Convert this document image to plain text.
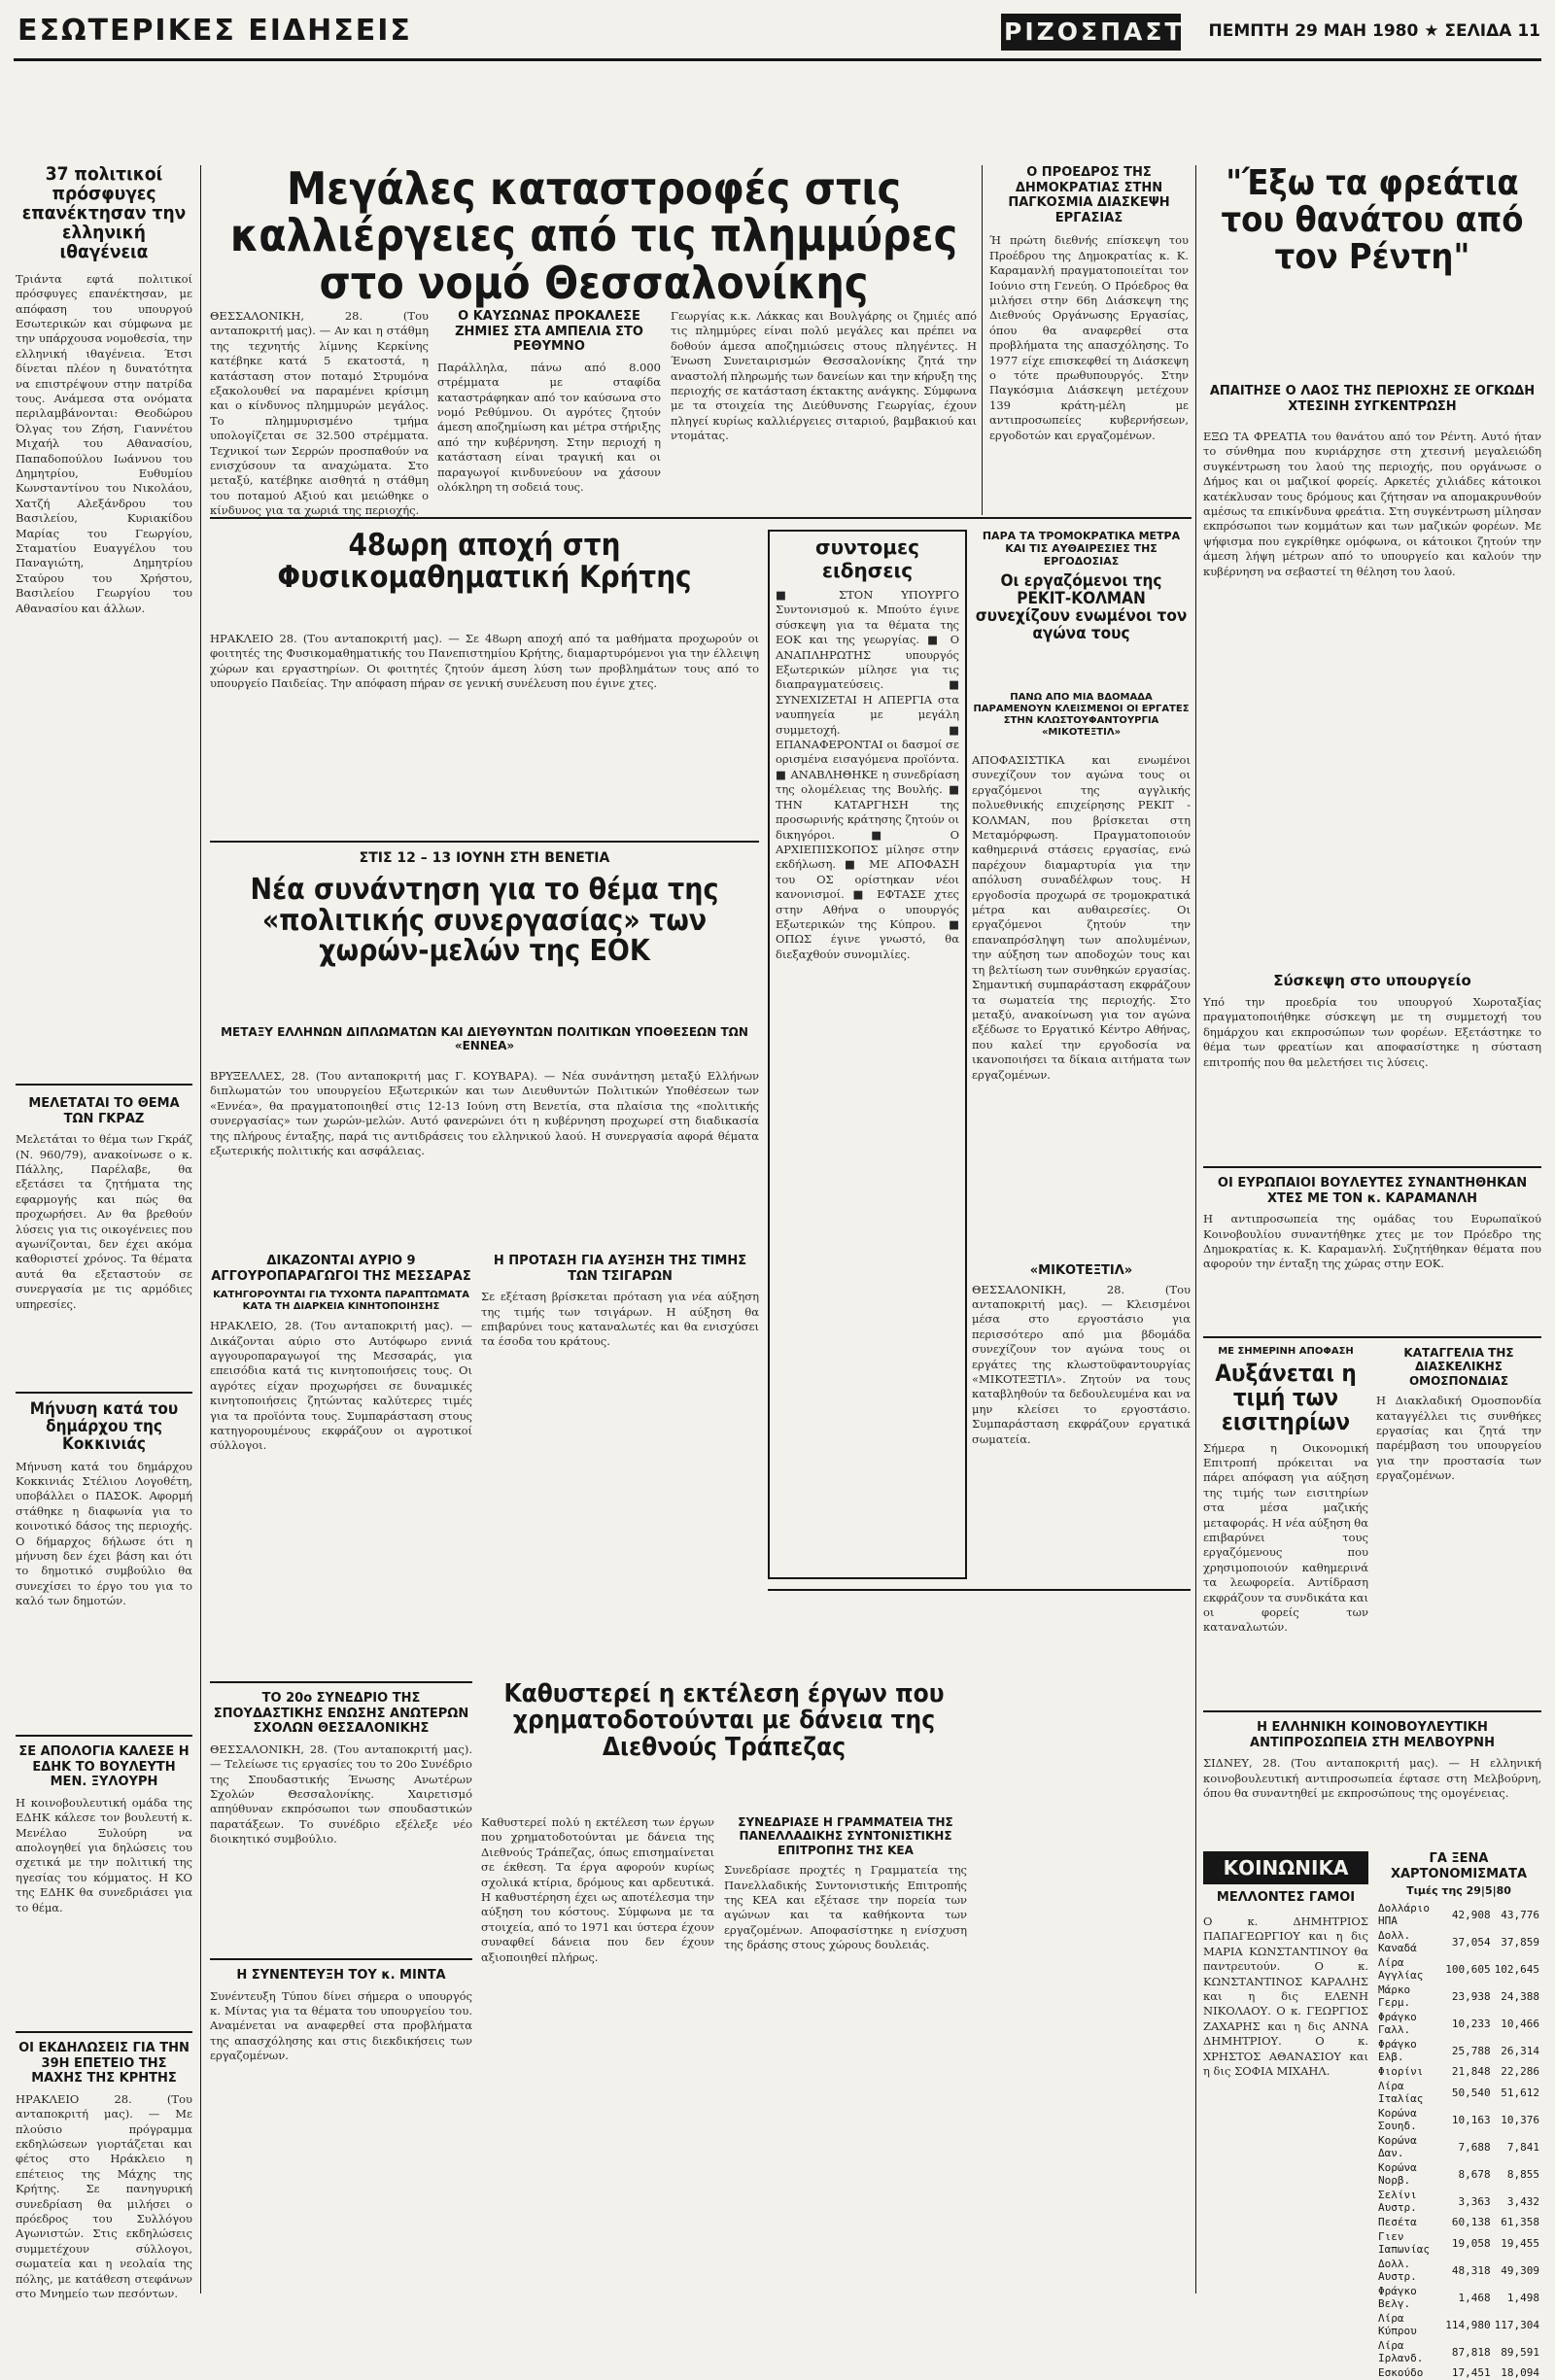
ΕΣΩΤΕΡΙΚΕΣ ΕΙΔΗΣΕΙΣ	ΡΙΖΟΣΠΑΣΤΗΣ
ΠΕΜΠΤΗ 29 ΜΑΗ 1980 ★ ΣΕΛΙΔΑ 11
37 πολιτικοί πρόσφυγες επανέκτησαν την ελληνική ιθαγένεια
Τριάντα εφτά πολιτικοί πρόσφυγες επανέκτησαν, με απόφαση του υπουργού Εσωτερικών και σύμφωνα με την υπάρχουσα νομοθεσία, την ελληνική ιθαγένεια. Έτσι δίνεται πλέον η δυνατότητα να επιστρέψουν στην πατρίδα τους. Ανάμεσα στα ονόματα περιλαμβάνονται: Θεοδώρου Όλγας του Ζήση, Γιαννέτου Μιχαήλ του Αθανασίου, Παπαδοπούλου Ιωάννου του Δημητρίου, Ευθυμίου Κωνσταντίνου του Νικολάου, Χατζή Αλεξάνδρου του Βασιλείου, Κυριακίδου Μαρίας του Γεωργίου, Σταματίου Ευαγγέλου του Παναγιώτη, Δημητρίου Σταύρου του Χρήστου, Βασιλείου Γεωργίου του Αθανασίου και άλλων.
ΜΕΛΕΤΑΤΑΙ ΤΟ ΘΕΜΑ ΤΩΝ ΓΚΡΑΖ
Μελετάται το θέμα των Γκράζ (Ν. 960/79), ανακοίνωσε ο κ. Πάλλης, Παρέλαβε, θα εξετάσει τα ζητήματα της εφαρμογής και πώς θα προχωρήσει. Αν θα βρεθούν λύσεις για τις οικογένειες που αγωνίζονται, δεν έχει ακόμα καθοριστεί χρόνος. Τα θέματα αυτά θα εξεταστούν σε συνεργασία με τις αρμόδιες υπηρεσίες.
Μήνυση κατά του δημάρχου της Κοκκινιάς
Μήνυση κατά του δημάρχου Κοκκινιάς Στέλιου Λογοθέτη, υποβάλλει ο ΠΑΣΟΚ. Αφορμή στάθηκε η διαφωνία για το κοινοτικό δάσος της περιοχής. Ο δήμαρχος δήλωσε ότι η μήνυση δεν έχει βάση και ότι το δημοτικό συμβούλιο θα συνεχίσει το έργο του για το καλό των δημοτών.
ΣΕ ΑΠΟΛΟΓΙΑ ΚΑΛΕΣΕ Η ΕΔΗΚ ΤΟ ΒΟΥΛΕΥΤΗ ΜΕΝ. ΞΥΛΟΥΡΗ
Η κοινοβουλευτική ομάδα της ΕΔΗΚ κάλεσε τον βουλευτή κ. Μενέλαο Ξυλούρη να απολογηθεί για δηλώσεις του σχετικά με την πολιτική της ηγεσίας του κόμματος. Η ΚΟ της ΕΔΗΚ θα συνεδριάσει για το θέμα.
ΟΙ ΕΚΔΗΛΩΣΕΙΣ ΓΙΑ ΤΗΝ 39Η ΕΠΕΤΕΙΟ ΤΗΣ ΜΑΧΗΣ ΤΗΣ ΚΡΗΤΗΣ
ΗΡΑΚΛΕΙΟ 28. (Του ανταποκριτή μας). — Με πλούσιο πρόγραμμα εκδηλώσεων γιορτάζεται και φέτος στο Ηράκλειο η επέτειος της Μάχης της Κρήτης. Σε πανηγυρική συνεδρίαση θα μιλήσει ο πρόεδρος του Συλλόγου Αγωνιστών. Στις εκδηλώσεις συμμετέχουν σύλλογοι, σωματεία και η νεολαία της πόλης, με κατάθεση στεφάνων στο Μνημείο των πεσόντων.
Μεγάλες καταστροφές στις καλλιέργειες από τις πλημμύρες στο νομό Θεσσαλονίκης
ΘΕΣΣΑΛΟΝΙΚΗ, 28. (Του ανταποκριτή μας). — Αν και η στάθμη της τεχνητής λίμνης Κερκίνης κατέβηκε κατά 5 εκατοστά, η κατάσταση στον ποταμό Στρυμόνα εξακολουθεί να παραμένει κρίσιμη και ο κίνδυνος πλημμυρών μεγάλος. Το πλημμυρισμένο τμήμα υπολογίζεται σε 32.500 στρέμματα. Τεχνικοί των Σερρών προσπαθούν να ενισχύσουν τα αναχώματα. Στο μεταξύ, κατέβηκε αισθητά η στάθμη του ποταμού Αξιού και μειώθηκε ο κίνδυνος για τα χωριά της περιοχής.
Ο ΚΑΥΣΩΝΑΣ ΠΡΟΚΑΛΕΣΕ ΖΗΜΙΕΣ ΣΤΑ ΑΜΠΕΛΙΑ ΣΤΟ ΡΕΘΥΜΝΟ
Παράλληλα, πάνω από 8.000 στρέμματα με σταφίδα καταστράφηκαν από τον καύσωνα στο νομό Ρεθύμνου. Οι αγρότες ζητούν άμεση αποζημίωση και μέτρα στήριξης από την κυβέρνηση. Στην περιοχή η κατάσταση είναι τραγική και οι παραγωγοί κινδυνεύουν να χάσουν ολόκληρη τη σοδειά τους.
Γεωργίας κ.κ. Λάκκας και Βουλγάρης οι ζημιές από τις πλημμύρες είναι πολύ μεγάλες και πρέπει να δοθούν άμεσα αποζημιώσεις στους πληγέντες. Η Ένωση Συνεταιρισμών Θεσσαλονίκης ζητά την αναστολή πληρωμής των δανείων και την κήρυξη της περιοχής σε κατάσταση έκτακτης ανάγκης. Σύμφωνα με τα στοιχεία της Διεύθυνσης Γεωργίας, έχουν πληγεί κυρίως καλλιέργειες σιταριού, βαμβακιού και ντομάτας.
Ο ΠΡΟΕΔΡΟΣ ΤΗΣ ΔΗΜΟΚΡΑΤΙΑΣ ΣΤΗΝ ΠΑΓΚΟΣΜΙΑ ΔΙΑΣΚΕΨΗ ΕΡΓΑΣΙΑΣ
Ή πρώτη διεθνής επίσκεψη του Προέδρου της Δημοκρατίας κ. Κ. Καραμανλή πραγματοποιείται τον Ιούνιο στη Γενεύη. Ο Πρόεδρος θα μιλήσει στην 66η Διάσκεψη της Διεθνούς Οργάνωσης Εργασίας, όπου θα αναφερθεί στα προβλήματα της απασχόλησης. Το 1977 είχε επισκεφθεί τη Διάσκεψη ο τότε πρωθυπουργός. Στην Παγκόσμια Διάσκεψη μετέχουν 139 κράτη-μέλη με αντιπροσωπείες κυβερνήσεων, εργοδοτών και εργαζομένων.
"Έξω τα φρεάτια του θανάτου από τον Ρέντη"
ΑΠΑΙΤΗΣΕ Ο ΛΑΟΣ ΤΗΣ ΠΕΡΙΟΧΗΣ ΣΕ ΟΓΚΩΔΗ ΧΤΕΣΙΝΗ ΣΥΓΚΕΝΤΡΩΣΗ
ΕΞΩ ΤΑ ΦΡΕΑΤΙΑ του θανάτου από τον Ρέντη. Αυτό ήταν το σύνθημα που κυριάρχησε στη χτεσινή μεγαλειώδη συγκέντρωση του λαού της περιοχής, που οργάνωσε ο Δήμος και οι μαζικοί φορείς. Αρκετές χιλιάδες κάτοικοι κατέκλυσαν τους δρόμους και ζήτησαν να απομακρυνθούν αμέσως τα επικίνδυνα φρεάτια. Στη συγκέντρωση μίλησαν εκπρόσωποι των κομμάτων και των μαζικών φορέων. Με ψήφισμα που εγκρίθηκε ομόφωνα, οι κάτοικοι ζητούν την άμεση λήψη μέτρων από το υπουργείο και καλούν την κυβέρνηση να σεβαστεί τη θέληση του λαού.
Σύσκεψη στο υπουργείο
Υπό την προεδρία του υπουργού Χωροταξίας πραγματοποιήθηκε σύσκεψη με τη συμμετοχή του δημάρχου και εκπροσώπων των φορέων. Εξετάστηκε το θέμα των φρεατίων και αποφασίστηκε η σύσταση επιτροπής που θα μελετήσει τις λύσεις.
48ωρη αποχή στη Φυσικομαθηματική Κρήτης
ΗΡΑΚΛΕΙΟ 28. (Του ανταποκριτή μας). — Σε 48ωρη αποχή από τα μαθήματα προχωρούν οι φοιτητές της Φυσικομαθηματικής του Πανεπιστημίου Κρήτης, διαμαρτυρόμενοι για την έλλειψη χώρων και εργαστηρίων. Οι φοιτητές ζητούν άμεση λύση των προβλημάτων τους από το υπουργείο Παιδείας. Την απόφαση πήραν σε γενική συνέλευση που έγινε χτες.
συντομες ειδησεις
■ ΣΤΟΝ ΥΠΟΥΡΓΟ Συντονισμού κ. Μπούτο έγινε σύσκεψη για τα θέματα της ΕΟΚ και της γεωργίας. ■ Ο ΑΝΑΠΛΗΡΩΤΗΣ υπουργός Εξωτερικών μίλησε για τις διαπραγματεύσεις. ■ ΣΥΝΕΧΙΖΕΤΑΙ Η ΑΠΕΡΓΙΑ στα ναυπηγεία με μεγάλη συμμετοχή. ■ ΕΠΑΝΑΦΕΡΟΝΤΑΙ οι δασμοί σε ορισμένα εισαγόμενα προϊόντα. ■ ΑΝΑΒΛΗΘΗΚΕ η συνεδρίαση της ολομέλειας της Βουλής. ■ ΤΗΝ ΚΑΤΑΡΓΗΣΗ της προσωρινής κράτησης ζητούν οι δικηγόροι. ■ Ο ΑΡΧΙΕΠΙΣΚΟΠΟΣ μίλησε στην εκδήλωση. ■ ΜΕ ΑΠΟΦΑΣΗ του ΟΣ ορίστηκαν νέοι κανονισμοί. ■ ΕΦΤΑΣΕ χτες στην Αθήνα ο υπουργός Εξωτερικών της Κύπρου. ■ ΟΠΩΣ έγινε γνωστό, θα διεξαχθούν συνομιλίες.
ΠΑΡΑ ΤΑ ΤΡΟΜΟΚΡΑΤΙΚΑ ΜΕΤΡΑ ΚΑΙ ΤΙΣ ΑΥΘΑΙΡΕΣΙΕΣ ΤΗΣ ΕΡΓΟΔΟΣΙΑΣ
Οι εργαζόμενοι της ΡΕΚΙΤ-ΚΟΛΜΑΝ συνεχίζουν ενωμένοι τον αγώνα τους
ΠΑΝΩ ΑΠΟ ΜΙΑ ΒΔΟΜΑΔΑ ΠΑΡΑΜΕΝΟΥΝ ΚΛΕΙΣΜΕΝΟΙ ΟΙ ΕΡΓΑΤΕΣ ΣΤΗΝ ΚΛΩΣΤΟΥΦΑΝΤΟΥΡΓΙΑ «ΜΙΚΟΤΕΞΤΙΛ»
ΑΠΟΦΑΣΙΣΤΙΚΑ και ενωμένοι συνεχίζουν τον αγώνα τους οι εργαζόμενοι της αγγλικής πολυεθνικής επιχείρησης ΡΕΚΙΤ - ΚΟΛΜΑΝ, που βρίσκεται στη Μεταμόρφωση. Πραγματοποιούν καθημερινά στάσεις εργασίας, ενώ παρέχουν διαμαρτυρία για την απόλυση συναδέλφων τους. Η εργοδοσία προχωρά σε τρομοκρατικά μέτρα και αυθαιρεσίες. Οι εργαζόμενοι ζητούν την επαναπρόσληψη των απολυμένων, την αύξηση των αποδοχών τους και τη βελτίωση των συνθηκών εργασίας. Σημαντική συμπαράσταση εκφράζουν τα σωματεία της περιοχής. Στο μεταξύ, ανακοίνωση για τον αγώνα εξέδωσε το Εργατικό Κέντρο Αθήνας, που καλεί την εργοδοσία να ικανοποιήσει τα δίκαια αιτήματα των εργαζομένων.
ΣΤΙΣ 12 – 13 ΙΟΥΝΗ ΣΤΗ ΒΕΝΕΤΙΑ
Νέα συνάντηση για το θέμα της «πολιτικής συνεργασίας» των χωρών-μελών της ΕΟΚ
ΜΕΤΑΞΥ ΕΛΛΗΝΩΝ ΔΙΠΛΩΜΑΤΩΝ ΚΑΙ ΔΙΕΥΘΥΝΤΩΝ ΠΟΛΙΤΙΚΩΝ ΥΠΟΘΕΣΕΩΝ ΤΩΝ «ΕΝΝΕΑ»
ΒΡΥΞΕΛΛΕΣ, 28. (Του ανταποκριτή μας Γ. ΚΟΥΒΑΡΑ). — Νέα συνάντηση μεταξύ Ελλήνων διπλωματών του υπουργείου Εξωτερικών και των Διευθυντών Πολιτικών Υποθέσεων των «Εννέα», θα πραγματοποιηθεί στις 12-13 Ιούνη στη Βενετία, στα πλαίσια της «πολιτικής συνεργασίας» των χωρών-μελών. Αυτό φανερώνει ότι η κυβέρνηση προχωρεί στη διαδικασία της πλήρους ένταξης, παρά τις αντιδράσεις του ελληνικού λαού. Η συνεργασία αφορά θέματα εξωτερικής πολιτικής και ασφάλειας.
ΔΙΚΑΖΟΝΤΑΙ ΑΥΡΙΟ 9 ΑΓΓΟΥΡΟΠΑΡΑΓΩΓΟΙ ΤΗΣ ΜΕΣΣΑΡΑΣ
ΚΑΤΗΓΟΡΟΥΝΤΑΙ ΓΙΑ ΤΥΧΟΝΤΑ ΠΑΡΑΠΤΩΜΑΤΑ ΚΑΤΑ ΤΗ ΔΙΑΡΚΕΙΑ ΚΙΝΗΤΟΠΟΙΗΣΗΣ
ΗΡΑΚΛΕΙΟ, 28. (Του ανταποκριτή μας). — Δικάζονται αύριο στο Αυτόφωρο εννιά αγγουροπαραγωγοί της Μεσσαράς, για επεισόδια κατά τις κινητοποιήσεις τους. Οι αγρότες είχαν προχωρήσει σε δυναμικές κινητοποιήσεις ζητώντας καλύτερες τιμές για τα προϊόντα τους. Συμπαράσταση στους κατηγορουμένους εκφράζουν οι αγροτικοί σύλλογοι.
Η ΠΡΟΤΑΣΗ ΓΙΑ ΑΥΞΗΣΗ ΤΗΣ ΤΙΜΗΣ ΤΩΝ ΤΣΙΓΑΡΩΝ
Σε εξέταση βρίσκεται πρόταση για νέα αύξηση της τιμής των τσιγάρων. Η αύξηση θα επιβαρύνει τους καταναλωτές και θα ενισχύσει τα έσοδα του κράτους.
ΤΟ 20ο ΣΥΝΕΔΡΙΟ ΤΗΣ ΣΠΟΥΔΑΣΤΙΚΗΣ ΕΝΩΣΗΣ ΑΝΩΤΕΡΩΝ ΣΧΟΛΩΝ ΘΕΣΣΑΛΟΝΙΚΗΣ
ΘΕΣΣΑΛΟΝΙΚΗ, 28. (Του ανταποκριτή μας). — Τελείωσε τις εργασίες του το 20ο Συνέδριο της Σπουδαστικής Ένωσης Ανωτέρων Σχολών Θεσσαλονίκης. Χαιρετισμό απηύθυναν εκπρόσωποι των σπουδαστικών παρατάξεων. Το συνέδριο εξέλεξε νέο διοικητικό συμβούλιο.
Η ΣΥΝΕΝΤΕΥΞΗ ΤΟΥ κ. ΜΙΝΤΑ
Συνέντευξη Τύπου δίνει σήμερα ο υπουργός κ. Μίντας για τα θέματα του υπουργείου του. Αναμένεται να αναφερθεί στα προβλήματα της απασχόλησης και στις διεκδικήσεις των εργαζομένων.
Καθυστερεί η εκτέλεση έργων που χρηματοδοτούνται με δάνεια της Διεθνούς Τράπεζας
Καθυστερεί πολύ η εκτέλεση των έργων που χρηματοδοτούνται με δάνεια της Διεθνούς Τράπεζας, όπως επισημαίνεται σε έκθεση. Τα έργα αφορούν κυρίως σχολικά κτίρια, δρόμους και αρδευτικά. Η καθυστέρηση έχει ως αποτέλεσμα την αύξηση του κόστους. Σύμφωνα με τα στοιχεία, από το 1971 και ύστερα έχουν συναφθεί δάνεια που δεν έχουν αξιοποιηθεί πλήρως.
ΣΥΝΕΔΡΙΑΣΕ Η ΓΡΑΜΜΑΤΕΙΑ ΤΗΣ ΠΑΝΕΛΛΑΔΙΚΗΣ ΣΥΝΤΟΝΙΣΤΙΚΗΣ ΕΠΙΤΡΟΠΗΣ ΤΗΣ ΚΕΑ
Συνεδρίασε προχτές η Γραμματεία της Πανελλαδικής Συντονιστικής Επιτροπής της ΚΕΑ και εξέτασε την πορεία των αγώνων και τα καθήκοντα των εργαζομένων. Αποφασίστηκε η ενίσχυση της δράσης στους χώρους δουλειάς.
«ΜΙΚΟΤΕΞΤΙΛ»
ΘΕΣΣΑΛΟΝΙΚΗ, 28. (Του ανταποκριτή μας). — Κλεισμένοι μέσα στο εργοστάσιο για περισσότερο από μια βδομάδα συνεχίζουν τον αγώνα τους οι εργάτες της κλωστοϋφαντουργίας «ΜΙΚΟΤΕΞΤΙΛ». Ζητούν να τους καταβληθούν τα δεδουλευμένα και να μην κλείσει το εργοστάσιο. Συμπαράσταση εκφράζουν εργατικά σωματεία.
ΟΙ ΕΥΡΩΠΑΙΟΙ ΒΟΥΛΕΥΤΕΣ ΣΥΝΑΝΤΗΘΗΚΑΝ ΧΤΕΣ ΜΕ ΤΟΝ κ. ΚΑΡΑΜΑΝΛΗ
Η αντιπροσωπεία της ομάδας του Ευρωπαϊκού Κοινοβουλίου συναντήθηκε χτες με τον Πρόεδρο της Δημοκρατίας κ. Κ. Καραμανλή. Συζητήθηκαν θέματα που αφορούν την ένταξη της χώρας στην ΕΟΚ.
ΜΕ ΣΗΜΕΡΙΝΗ ΑΠΟΦΑΣΗ
Αυξάνεται η τιμή των εισιτηρίων
Σήμερα η Οικονομική Επιτροπή πρόκειται να πάρει απόφαση για αύξηση της τιμής των εισιτηρίων στα μέσα μαζικής μεταφοράς. Η νέα αύξηση θα επιβαρύνει τους εργαζόμενους που χρησιμοποιούν καθημερινά τα λεωφορεία. Αντίδραση εκφράζουν τα συνδικάτα και οι φορείς των καταναλωτών.
ΚΑΤΑΓΓΕΛΙΑ ΤΗΣ ΔΙΑΣΚΕΛΙΚΗΣ ΟΜΟΣΠΟΝΔΙΑΣ
Η Διακλαδική Ομοσπονδία καταγγέλλει τις συνθήκες εργασίας και ζητά την παρέμβαση του υπουργείου για την προστασία των εργαζομένων.
Η ΕΛΛΗΝΙΚΗ ΚΟΙΝΟΒΟΥΛΕΥΤΙΚΗ ΑΝΤΙΠΡΟΣΩΠΕΙΑ ΣΤΗ ΜΕΛΒΟΥΡΝΗ
ΣΙΔΝΕΥ, 28. (Του ανταποκριτή μας). — Η ελληνική κοινοβουλευτική αντιπροσωπεία έφτασε στη Μελβούρνη, όπου θα συναντηθεί με εκπροσώπους της ομογένειας.
ΚΟΙΝΩΝΙΚΑ
ΜΕΛΛΟΝΤΕΣ ΓΑΜΟΙ
Ο κ. ΔΗΜΗΤΡΙΟΣ ΠΑΠΑΓΕΩΡΓΙΟΥ και η δις ΜΑΡΙΑ ΚΩΝΣΤΑΝΤΙΝΟΥ θα παντρευτούν. Ο κ. ΚΩΝΣΤΑΝΤΙΝΟΣ ΚΑΡΑΛΗΣ και η δις ΕΛΕΝΗ ΝΙΚΟΛΑΟΥ. Ο κ. ΓΕΩΡΓΙΟΣ ΖΑΧΑΡΗΣ και η δις ΑΝΝΑ ΔΗΜΗΤΡΙΟΥ. Ο κ. ΧΡΗΣΤΟΣ ΑΘΑΝΑΣΙΟΥ και η δις ΣΟΦΙΑ ΜΙΧΑΗΛ.
ΓΑ ΞΕΝΑ ΧΑΡΤΟΝΟΜΙΣΜΑΤΑ
Τιμές της 29|5|80
Δολλάριο ΗΠΑ	42,908	43,776
Δολλ. Καναδά	37,054	37,859
Λίρα Αγγλίας	100,605	102,645
Μάρκο Γερμ.	23,938	24,388
Φράγκο Γαλλ.	10,233	10,466
Φράγκο Ελβ.	25,788	26,314
Φιορίνι	21,848	22,286
Λίρα Ιταλίας	50,540	51,612
Κορώνα Σουηδ.	10,163	10,376
Κορώνα Δαν.	7,688	7,841
Κορώνα Νορβ.	8,678	8,855
Σελίνι Αυστρ.	3,363	3,432
Πεσέτα	60,138	61,358
Γιεν Ιαπωνίας	19,058	19,455
Δολλ. Αυστρ.	48,318	49,309
Φράγκο Βελγ.	1,468	1,498
Λίρα Κύπρου	114,980	117,304
Λίρα Ιρλανδ.	87,818	89,591
Εσκούδο	17,451	18,094
